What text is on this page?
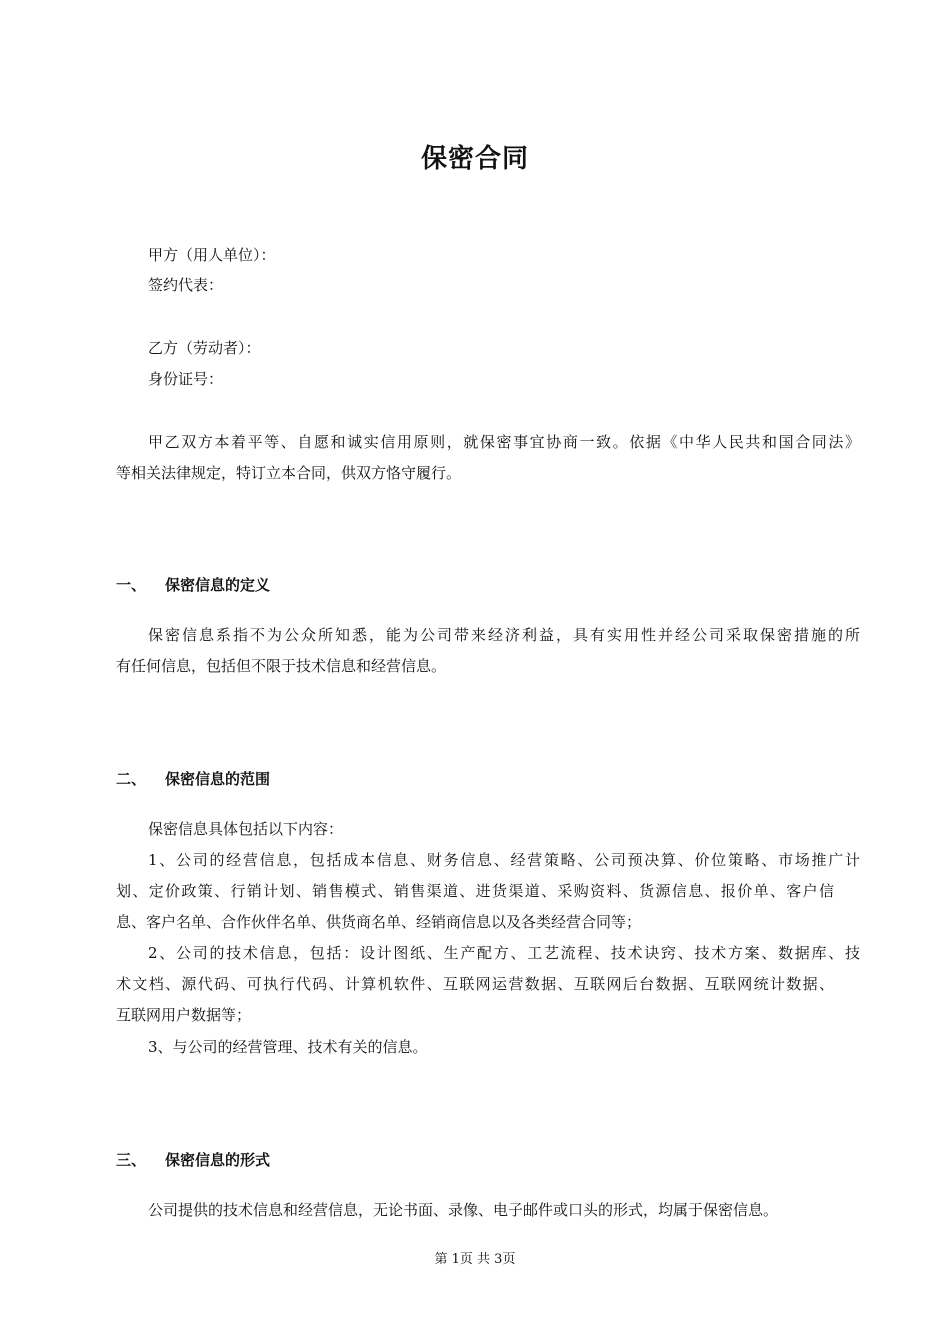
保密合同
甲方（用人单位）：
签约代表：
乙方（劳动者）：
身份证号：
甲乙双方本着平等、自愿和诚实信用原则，就保密事宜协商一致。依据《中华人民共和国合同法》
等相关法律规定，特订立本合同，供双方恪守履行。
一、 保密信息的定义
保密信息系指不为公众所知悉，能为公司带来经济利益，具有实用性并经公司采取保密措施的所
有任何信息，包括但不限于技术信息和经营信息。
二、 保密信息的范围
保密信息具体包括以下内容：
1、公司的经营信息，包括成本信息、财务信息、经营策略、公司预决算、价位策略、市场推广计
划、定价政策、行销计划、销售模式、销售渠道、进货渠道、采购资料、货源信息、报价单、客户信
息、客户名单、合作伙伴名单、供货商名单、经销商信息以及各类经营合同等；
2、公司的技术信息，包括：设计图纸、生产配方、工艺流程、技术诀窍、技术方案、数据库、技
术文档、源代码、可执行代码、计算机软件、互联网运营数据、互联网后台数据、互联网统计数据、
互联网用户数据等；
3、与公司的经营管理、技术有关的信息。
三、 保密信息的形式
公司提供的技术信息和经营信息，无论书面、录像、电子邮件或口头的形式，均属于保密信息。
第 1页 共 3页
